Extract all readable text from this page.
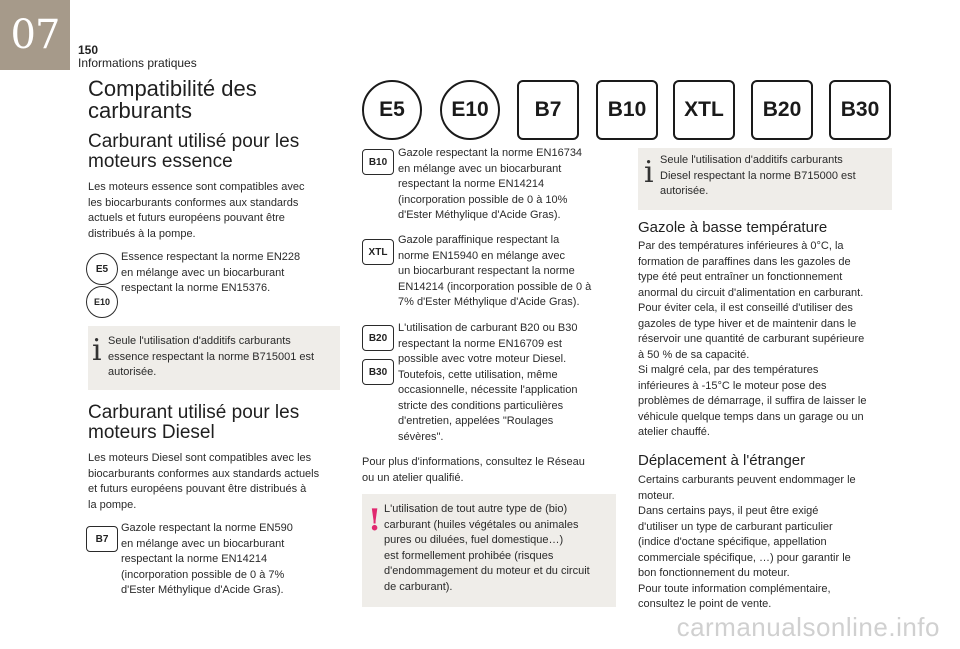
07	150
Informations pratiques
Compatibilité des
carburants
Carburant utilisé pour les
moteurs essence
Les moteurs essence sont compatibles avec
les biocarburants conformes aux standards
actuels et futurs européens pouvant être
distribués à la pompe.
E5
E10
Essence respectant la norme EN228
en mélange avec un biocarburant
respectant la norme EN15376.
i Seule l'utilisation d'additifs carburants
essence respectant la norme B715001 est
autorisée.
Carburant utilisé pour les
moteurs Diesel
Les moteurs Diesel sont compatibles avec les
biocarburants conformes aux standards actuels
et futurs européens pouvant être distribués à
la pompe.
B7
Gazole respectant la norme EN590
en mélange avec un biocarburant
respectant la norme EN14214
(incorporation possible de 0 à 7%
d'Ester Méthylique d'Acide Gras).
E5	E10	B7	B10	XTL	B20	B30
B10
Gazole respectant la norme EN16734
en mélange avec un biocarburant
respectant la norme EN14214
(incorporation possible de 0 à 10%
d'Ester Méthylique d'Acide Gras).
XTL
Gazole paraffinique respectant la
norme EN15940 en mélange avec
un biocarburant respectant la norme
EN14214 (incorporation possible de 0 à
7% d'Ester Méthylique d'Acide Gras).
B20
B30
L'utilisation de carburant B20 ou B30
respectant la norme EN16709 est
possible avec votre moteur Diesel.
Toutefois, cette utilisation, même
occasionnelle, nécessite l'application
stricte des conditions particulières
d'entretien, appelées "Roulages
sévères".
Pour plus d'informations, consultez le Réseau
ou un atelier qualifié.
! L'utilisation de tout autre type de (bio)
carburant (huiles végétales ou animales
pures ou diluées, fuel domestique…)
est formellement prohibée (risques
d'endommagement du moteur et du circuit
de carburant).
i Seule l'utilisation d'additifs carburants
Diesel respectant la norme B715000 est
autorisée.
Gazole à basse température
Par des températures inférieures à 0°C, la
formation de paraffines dans les gazoles de
type été peut entraîner un fonctionnement
anormal du circuit d'alimentation en carburant.
Pour éviter cela, il est conseillé d'utiliser des
gazoles de type hiver et de maintenir dans le
réservoir une quantité de carburant supérieure
à 50 % de sa capacité.
Si malgré cela, par des températures
inférieures à -15°C le moteur pose des
problèmes de démarrage, il suffira de laisser le
véhicule quelque temps dans un garage ou un
atelier chauffé.
Déplacement à l'étranger
Certains carburants peuvent endommager le
moteur.
Dans certains pays, il peut être exigé
d'utiliser un type de carburant particulier
(indice d'octane spécifique, appellation
commerciale spécifique, …) pour garantir le
bon fonctionnement du moteur.
Pour toute information complémentaire,
consultez le point de vente.
carmanualsonline.info
